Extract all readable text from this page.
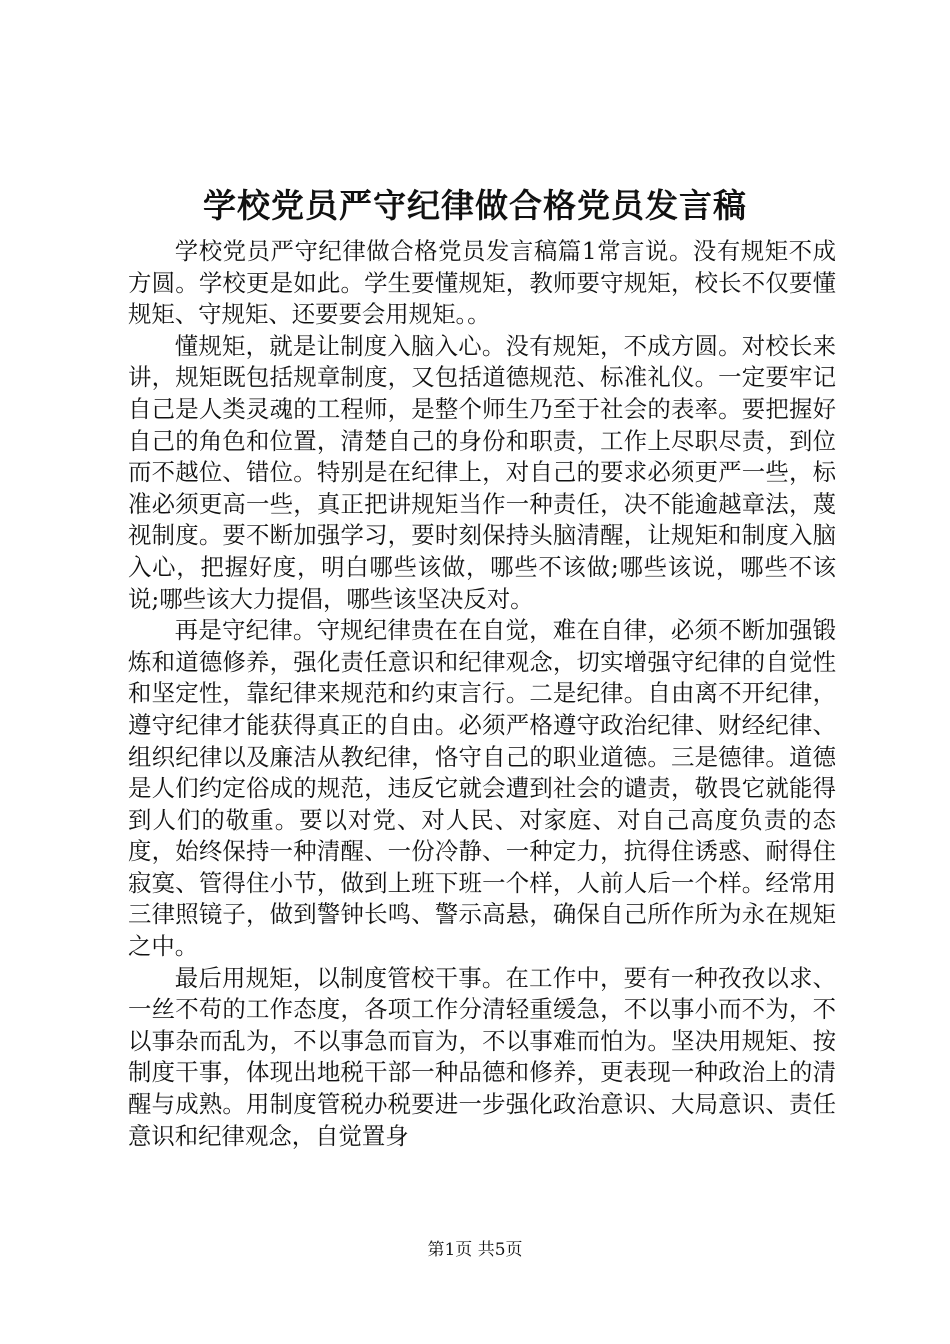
学校党员严守纪律做合格党员发言稿

学校党员严守纪律做合格党员发言稿篇1常言说。没有规矩不成方圆。学校更是如此。学生要懂规矩，教师要守规矩，校长不仅要懂规矩、守规矩、还要要会用规矩。。

懂规矩，就是让制度入脑入心。没有规矩，不成方圆。对校长来讲，规矩既包括规章制度，又包括道德规范、标准礼仪。一定要牢记自己是人类灵魂的工程师，是整个师生乃至于社会的表率。要把握好自己的角色和位置，清楚自己的身份和职责，工作上尽职尽责，到位而不越位、错位。特别是在纪律上，对自己的要求必须更严一些，标准必须更高一些，真正把讲规矩当作一种责任，决不能逾越章法，蔑视制度。要不断加强学习，要时刻保持头脑清醒，让规矩和制度入脑入心，把握好度，明白哪些该做，哪些不该做;哪些该说，哪些不该说;哪些该大力提倡，哪些该坚决反对。

再是守纪律。守规纪律贵在在自觉，难在自律，必须不断加强锻炼和道德修养，强化责任意识和纪律观念，切实增强守纪律的自觉性和坚定性，靠纪律来规范和约束言行。二是纪律。自由离不开纪律，遵守纪律才能获得真正的自由。必须严格遵守政治纪律、财经纪律、组织纪律以及廉洁从教纪律，恪守自己的职业道德。三是德律。道德是人们约定俗成的规范，违反它就会遭到社会的谴责，敬畏它就能得到人们的敬重。要以对党、对人民、对家庭、对自己高度负责的态度，始终保持一种清醒、一份冷静、一种定力，抗得住诱惑、耐得住寂寞、管得住小节，做到上班下班一个样，人前人后一个样。经常用三律照镜子，做到警钟长鸣、警示高悬，确保自己所作所为永在规矩之中。

最后用规矩，以制度管校干事。在工作中，要有一种孜孜以求、一丝不苟的工作态度，各项工作分清轻重缓急，不以事小而不为，不以事杂而乱为，不以事急而盲为，不以事难而怕为。坚决用规矩、按制度干事，体现出地税干部一种品德和修养，更表现一种政治上的清醒与成熟。用制度管税办税要进一步强化政治意识、大局意识、责任意识和纪律观念，自觉置身

第1页 共5页
